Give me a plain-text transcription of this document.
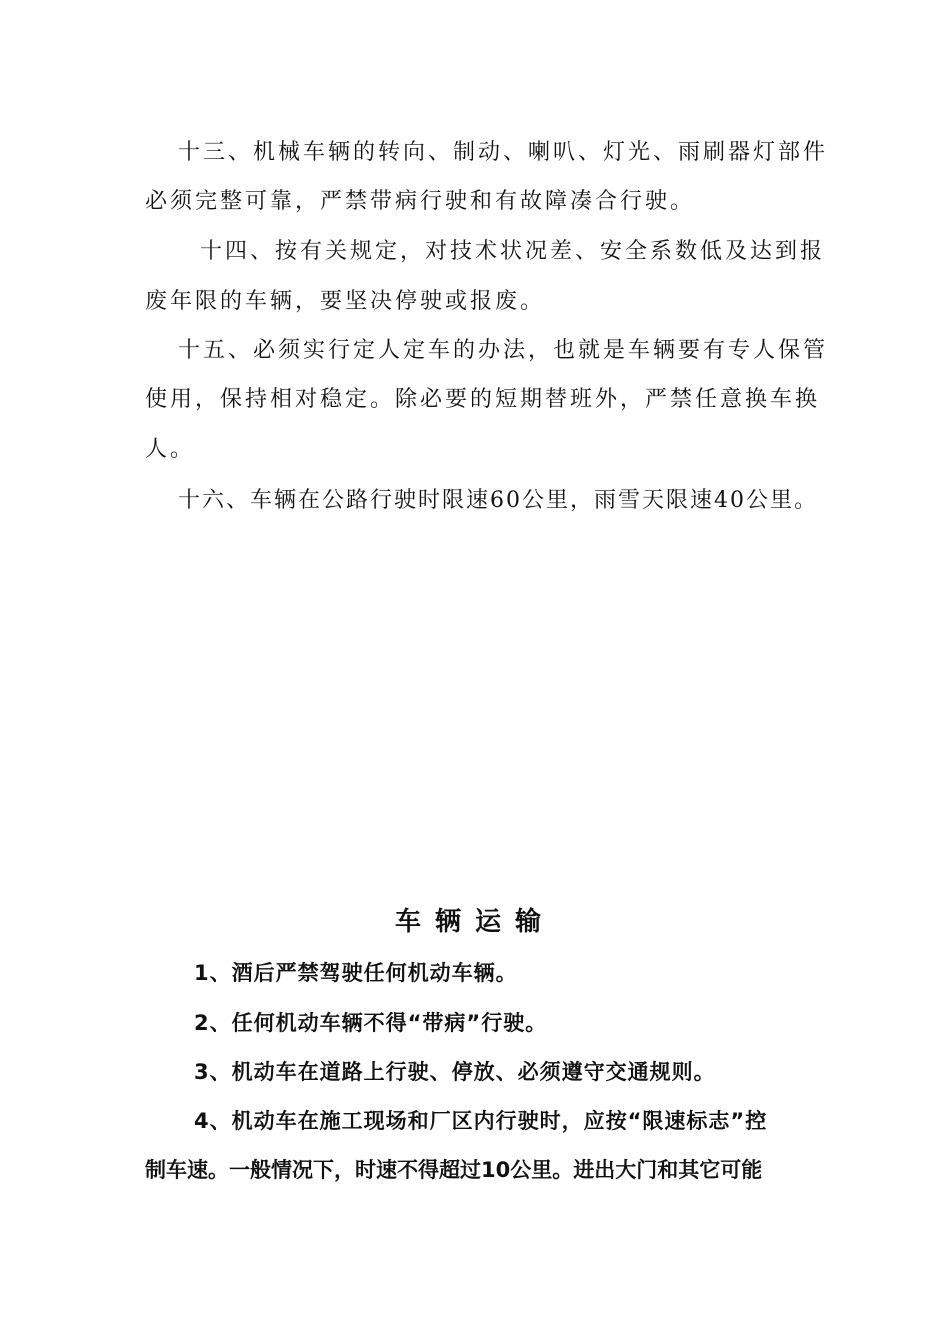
十三、机械车辆的转向、制动、喇叭、灯光、雨刷器灯部件
必须完整可靠，严禁带病行驶和有故障凑合行驶。
十四、按有关规定，对技术状况差、安全系数低及达到报
废年限的车辆，要坚决停驶或报废。
十五、必须实行定人定车的办法，也就是车辆要有专人保管
使用，保持相对稳定。除必要的短期替班外，严禁任意换车换
人。
十六、车辆在公路行驶时限速60公里，雨雪天限速40公里。
车辆运输
1、酒后严禁驾驶任何机动车辆。
2、任何机动车辆不得“带病”行驶。
3、机动车在道路上行驶、停放、必须遵守交通规则。
4、机动车在施工现场和厂区内行驶时，应按“限速标志”控
制车速。一般情况下，时速不得超过10公里。进出大门和其它可能
